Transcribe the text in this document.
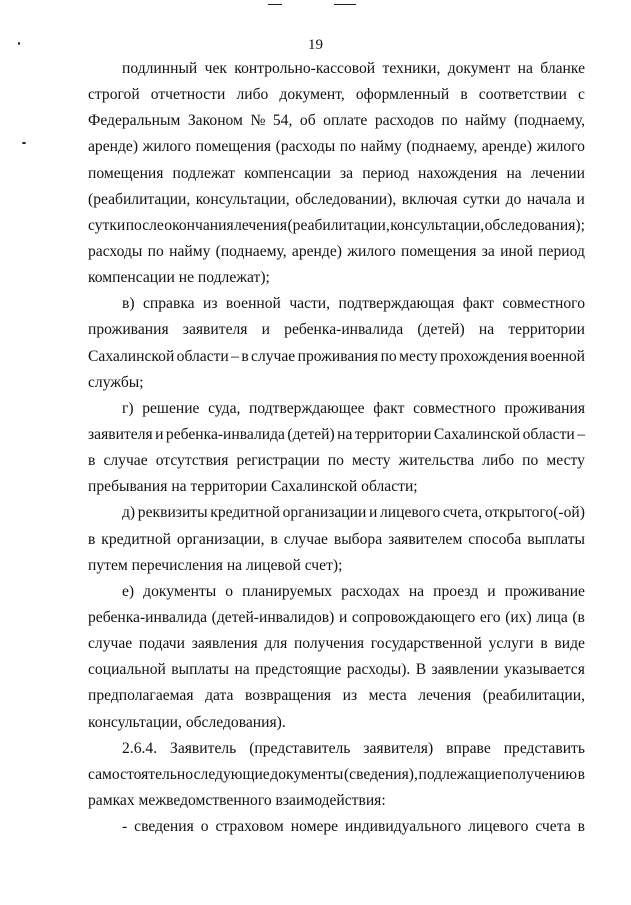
19
подлинный чек контрольно-кассовой техники, документ на бланке
строгой отчетности либо документ, оформленный в соответствии с
Федеральным Законом № 54, об оплате расходов по найму (поднаему,
аренде) жилого помещения (расходы по найму (поднаему, аренде) жилого
помещения подлежат компенсации за период нахождения на лечении
(реабилитации, консультации, обследовании), включая сутки до начала и
сутки после окончания лечения (реабилитации, консультации, обследования);
расходы по найму (поднаему, аренде) жилого помещения за иной период
компенсации не подлежат);
в) справка из военной части, подтверждающая факт совместного
проживания заявителя и ребенка-инвалида (детей) на территории
Сахалинской области – в случае проживания по месту прохождения военной
службы;
г) решение суда, подтверждающее факт совместного проживания
заявителя и ребенка-инвалида (детей) на территории Сахалинской области –
в случае отсутствия регистрации по месту жительства либо по месту
пребывания на территории Сахалинской области;
д) реквизиты кредитной организации и лицевого счета, открытого(-ой)
в кредитной организации, в случае выбора заявителем способа выплаты
путем перечисления на лицевой счет);
е) документы о планируемых расходах на проезд и проживание
ребенка-инвалида (детей-инвалидов) и сопровождающего его (их) лица (в
случае подачи заявления для получения государственной услуги в виде
социальной выплаты на предстоящие расходы). В заявлении указывается
предполагаемая дата возвращения из места лечения (реабилитации,
консультации, обследования).
2.6.4. Заявитель (представитель заявителя) вправе представить
самостоятельно следующие документы (сведения), подлежащие получению в
рамках межведомственного взаимодействия:
- сведения о страховом номере индивидуального лицевого счета в
